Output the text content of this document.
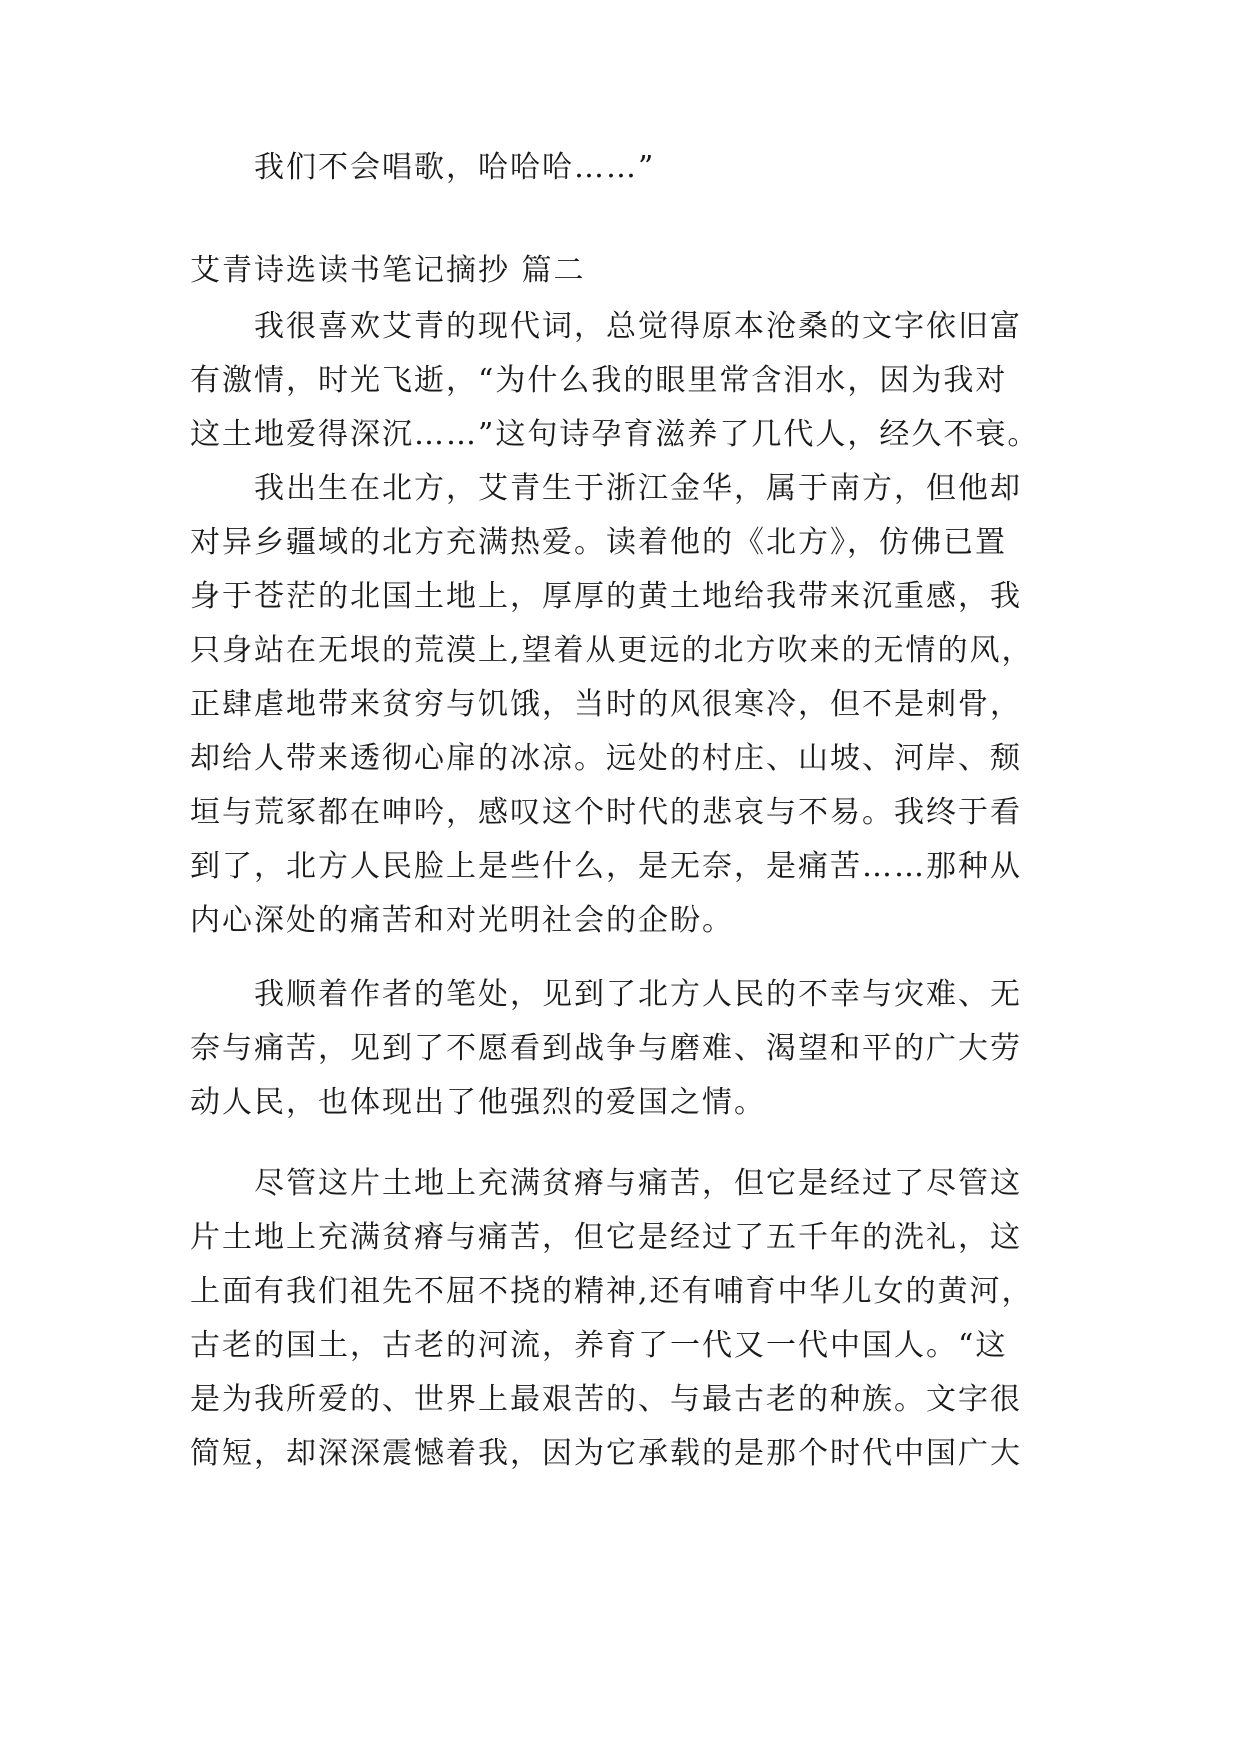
我们不会唱歌，哈哈哈……”
艾青诗选读书笔记摘抄 篇二
我很喜欢艾青的现代词，总觉得原本沧桑的文字依旧富
有激情，时光飞逝，“为什么我的眼里常含泪水，因为我对
这土地爱得深沉……”这句诗孕育滋养了几代人，经久不衰。
我出生在北方，艾青生于浙江金华，属于南方，但他却
对异乡疆域的北方充满热爱。读着他的《北方》，仿佛已置
身于苍茫的北国土地上，厚厚的黄土地给我带来沉重感，我
只身站在无垠的荒漠上,望着从更远的北方吹来的无情的风，
正肆虐地带来贫穷与饥饿，当时的风很寒冷，但不是刺骨，
却给人带来透彻心扉的冰凉。远处的村庄、山坡、河岸、颓
垣与荒冢都在呻吟，感叹这个时代的悲哀与不易。我终于看
到了，北方人民脸上是些什么，是无奈，是痛苦……那种从
内心深处的痛苦和对光明社会的企盼。
我顺着作者的笔处，见到了北方人民的不幸与灾难、无
奈与痛苦，见到了不愿看到战争与磨难、渴望和平的广大劳
动人民，也体现出了他强烈的爱国之情。
尽管这片土地上充满贫瘠与痛苦，但它是经过了尽管这
片土地上充满贫瘠与痛苦，但它是经过了五千年的洗礼，这
上面有我们祖先不屈不挠的精神,还有哺育中华儿女的黄河，
古老的国土，古老的河流，养育了一代又一代中国人。“这
是为我所爱的、世界上最艰苦的、与最古老的种族。文字很
简短，却深深震憾着我，因为它承载的是那个时代中国广大
